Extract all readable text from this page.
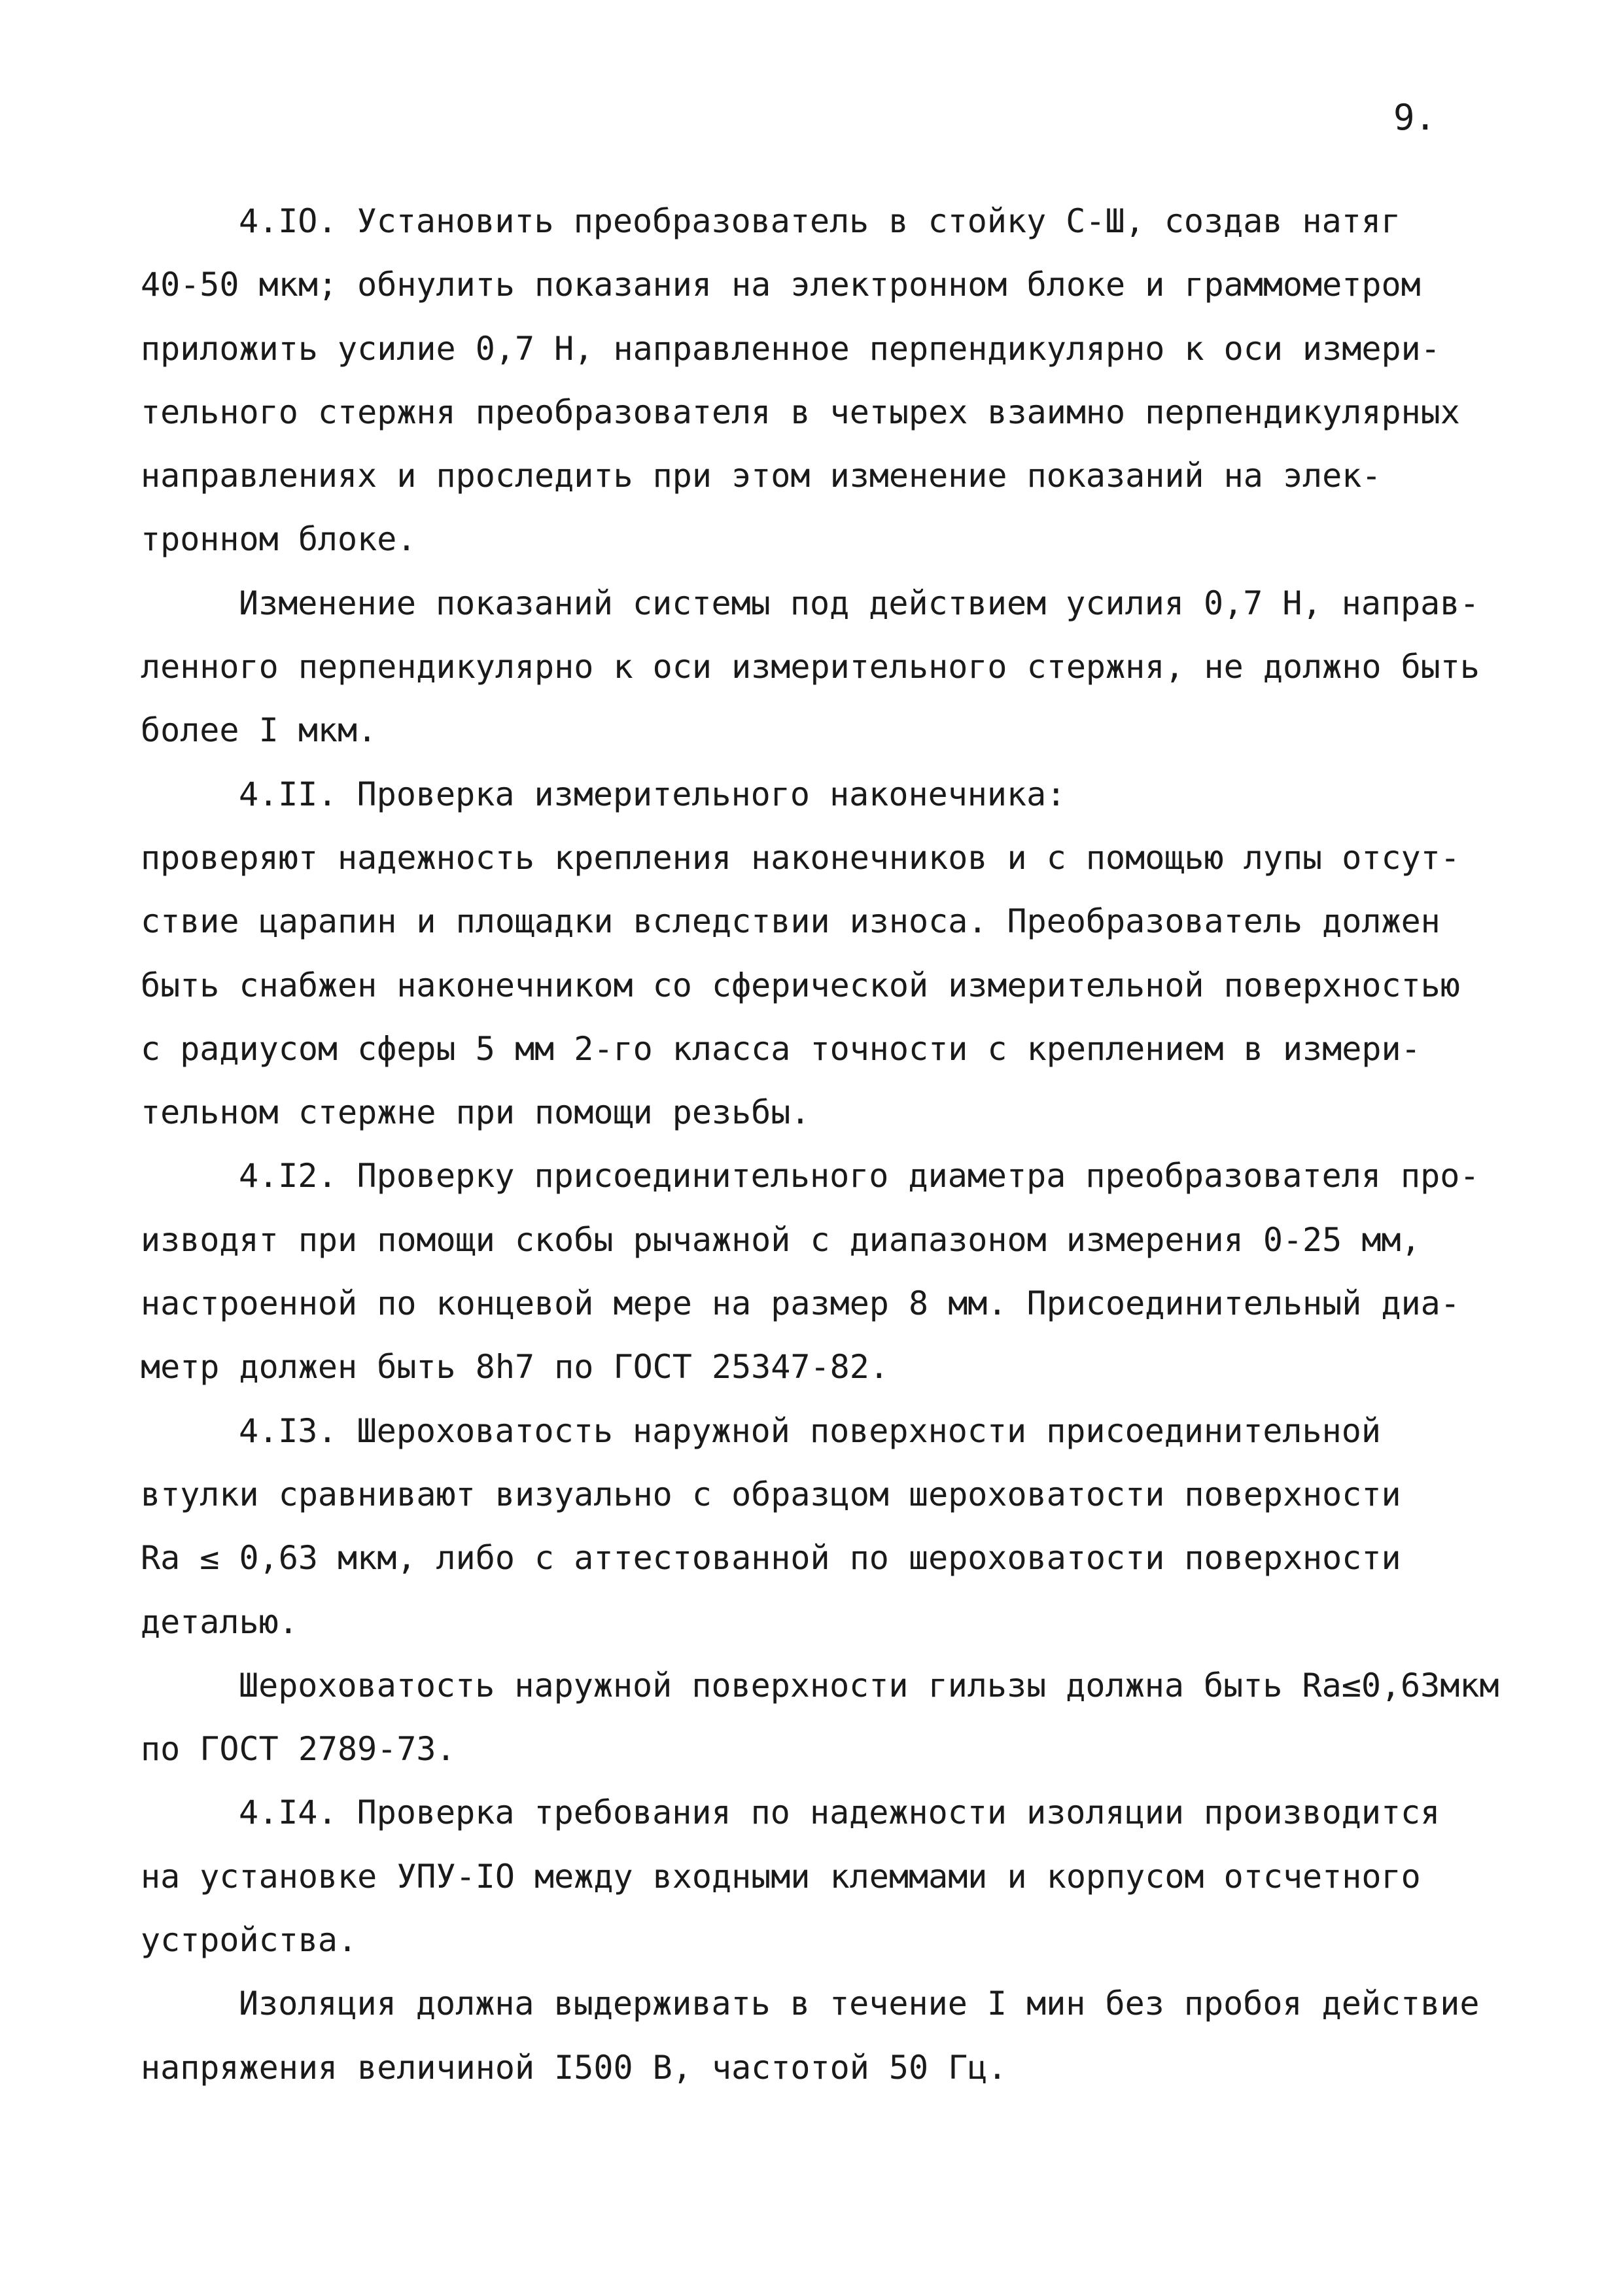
9.

4.IO. Установить преобразователь в стойку С-Ш, создав натяг

40-50 мкм; обнулить показания на электронном блоке и граммометром

приложить усилие 0,7 Н, направленное перпендикулярно к оси измери-

тельного стержня преобразователя в четырех взаимно перпендикулярных

направлениях и проследить при этом изменение показаний на элек-

тронном блоке.

Изменение показаний системы под действием усилия 0,7 Н, направ-

ленного перпендикулярно к оси измерительного стержня, не должно быть

более I мкм.

4.II. Проверка измерительного наконечника:

проверяют надежность крепления наконечников и с помощью лупы отсут-

ствие царапин и площадки вследствии износа. Преобразователь должен

быть снабжен наконечником со сферической измерительной поверхностью

с радиусом сферы 5 мм 2-го класса точности с креплением в измери-

тельном стержне при помощи резьбы.

4.I2. Проверку присоединительного диаметра преобразователя про-

изводят при помощи скобы рычажной с диапазоном измерения 0-25 мм,

настроенной по концевой мере на размер 8 мм. Присоединительный диа-

метр должен быть 8h7 по ГОСТ 25347-82.

4.I3. Шероховатость наружной поверхности присоединительной

втулки сравнивают визуально с образцом шероховатости поверхности

Ra ≤ 0,63 мкм, либо с аттестованной по шероховатости поверхности

деталью.

Шероховатость наружной поверхности гильзы должна быть Ra≤0,63мкм

по ГОСТ 2789-73.

4.I4. Проверка требования по надежности изоляции производится

на установке УПУ-IO между входными клеммами и корпусом отсчетного

устройства.

Изоляция должна выдерживать в течение I мин без пробоя действие

напряжения величиной I500 В, частотой 50 Гц.
